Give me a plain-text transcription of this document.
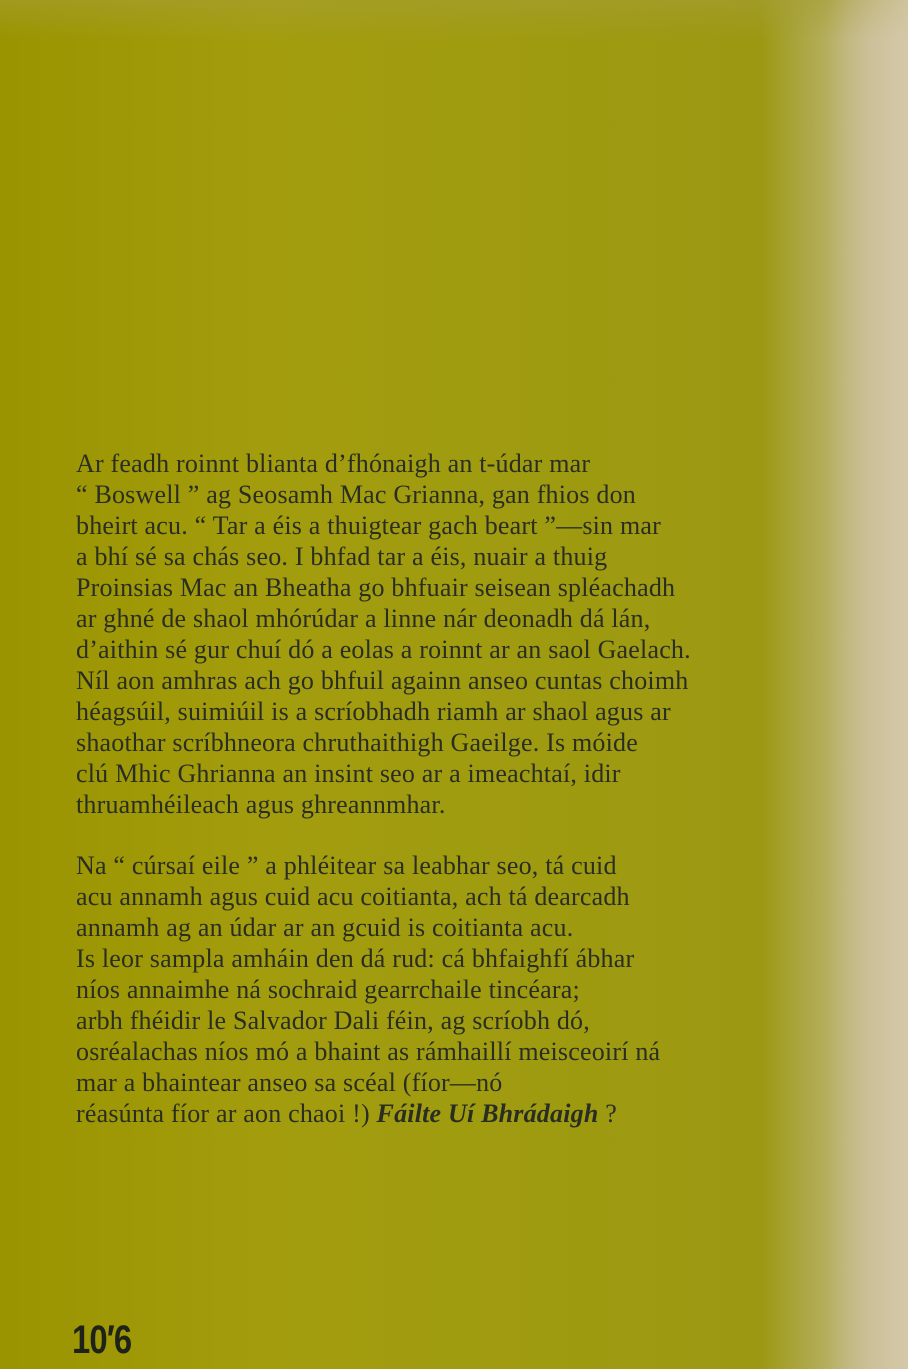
Ar feadh roinnt blianta d’fhónaigh an t-údar mar
“ Boswell ” ag Seosamh Mac Grianna, gan fhios don
bheirt acu. “ Tar a éis a thuigtear gach beart ”—sin mar
a bhí sé sa chás seo. I bhfad tar a éis, nuair a thuig
Proinsias Mac an Bheatha go bhfuair seisean spléachadh
ar ghné de shaol mhórúdar a linne nár deonadh dá lán,
d’aithin sé gur chuí dó a eolas a roinnt ar an saol Gaelach.
Níl aon amhras ach go bhfuil againn anseo cuntas choimh
héagsúil, suimiúil is a scríobhadh riamh ar shaol agus ar
shaothar scríbhneora chruthaithigh Gaeilge. Is móide
clú Mhic Ghrianna an insint seo ar a imeachtaí, idir
thruamhéileach agus ghreannmhar.

Na “ cúrsaí eile ” a phléitear sa leabhar seo, tá cuid
acu annamh agus cuid acu coitianta, ach tá dearcadh
annamh ag an údar ar an gcuid is coitianta acu.
Is leor sampla amháin den dá rud: cá bhfaighfí ábhar
níos annaimhe ná sochraid gearrchaile tincéara;
arbh fhéidir le Salvador Dali féin, ag scríobh dó,
osréalachas níos mó a bhaint as rámhaillí meisceoirí ná
mar a bhaintear anseo sa scéal (fíor—nó
réasúnta fíor ar aon chaoi !) Fáilte Uí Bhrádaigh ?

10′6
